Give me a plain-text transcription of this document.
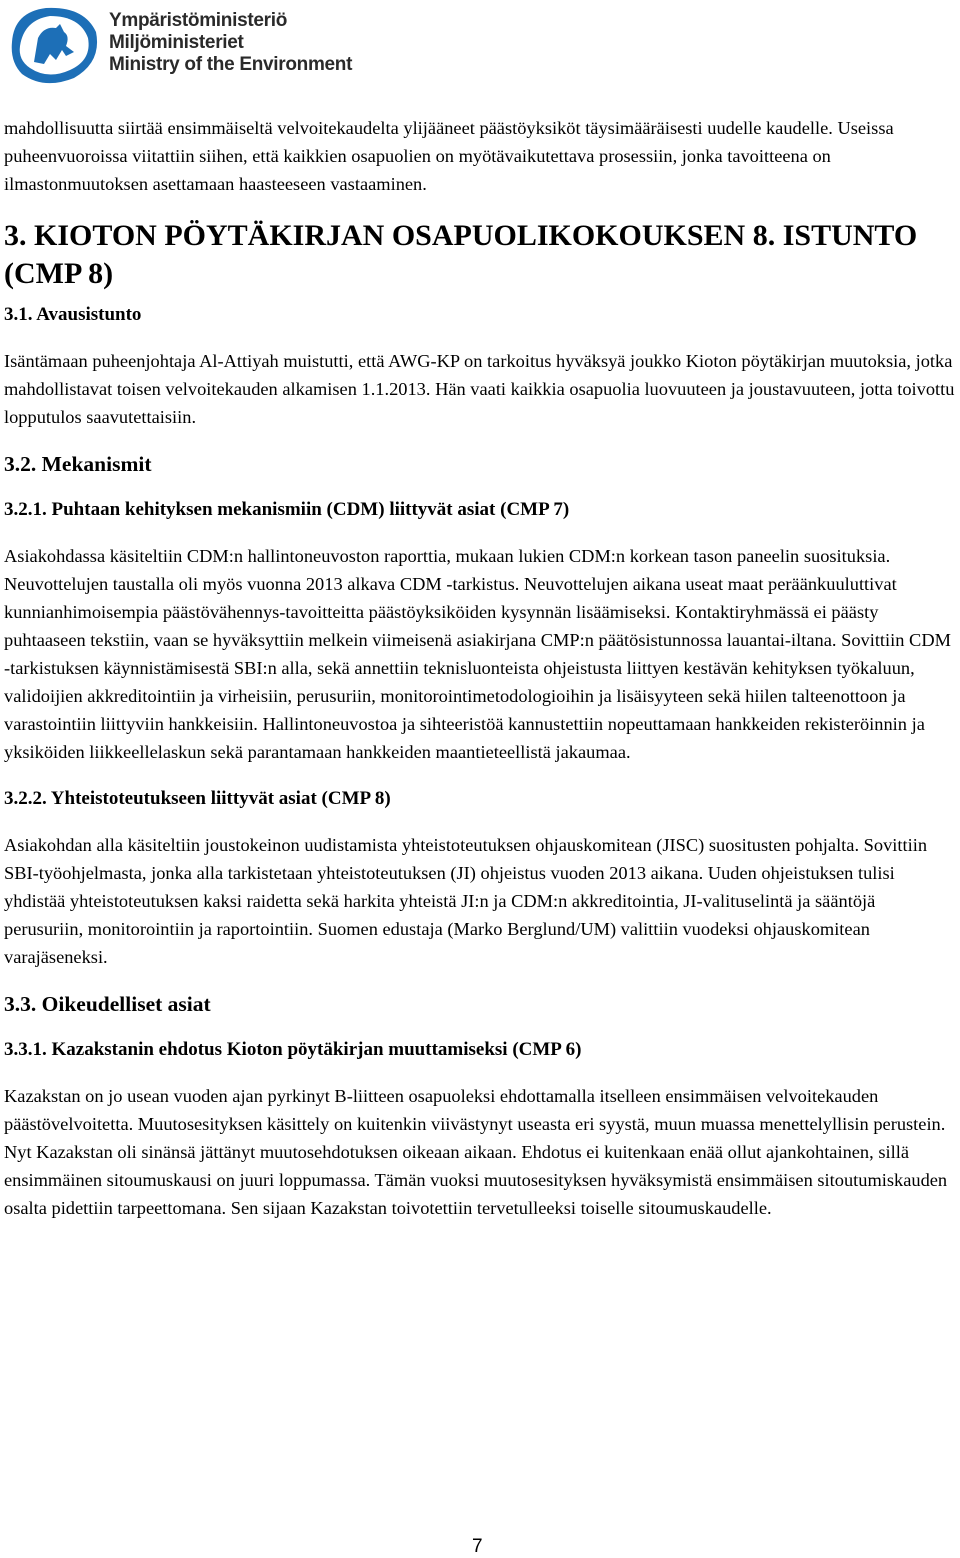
Ympäristöministeriö
Miljöministeriet
Ministry of the Environment

mahdollisuutta siirtää ensimmäiseltä velvoitekaudelta ylijääneet päästöyksiköt täysimääräisesti uudelle kaudelle. Useissa puheenvuoroissa viitattiin siihen, että kaikkien osapuolien on myötävaikutettava prosessiin, jonka tavoitteena on ilmastonmuutoksen asettamaan haasteeseen vastaaminen.

3. KIOTON PÖYTÄKIRJAN OSAPUOLIKOKOUKSEN 8. ISTUNTO (CMP 8)
3.1. Avausistunto

Isäntämaan puheenjohtaja Al-Attiyah muistutti, että AWG-KP on tarkoitus hyväksyä joukko Kioton pöytäkirjan muutoksia, jotka mahdollistavat toisen velvoitekauden alkamisen 1.1.2013. Hän vaati kaikkia osapuolia luovuuteen ja joustavuuteen, jotta toivottu lopputulos saavutettaisiin.

3.2. Mekanismit
3.2.1. Puhtaan kehityksen mekanismiin (CDM) liittyvät asiat (CMP 7)

Asiakohdassa käsiteltiin CDM:n hallintoneuvoston raporttia, mukaan lukien CDM:n korkean tason paneelin suosituksia. Neuvottelujen taustalla oli myös vuonna 2013 alkava CDM -tarkistus. Neuvottelujen aikana useat maat peräänkuuluttivat kunnianhimoisempia päästövähennys-tavoitteitta päästöyksiköiden kysynnän lisäämiseksi. Kontaktiryhmässä ei päästy puhtaaseen tekstiin, vaan se hyväksyttiin melkein viimeisenä asiakirjana CMP:n päätösistunnossa lauantai-iltana. Sovittiin CDM -tarkistuksen käynnistämisestä SBI:n alla, sekä annettiin teknisluonteista ohjeistusta liittyen kestävän kehityksen työkaluun, validoijien akkreditointiin ja virheisiin, perusuriin, monitorointimetodologioihin ja lisäisyyteen sekä hiilen talteenottoon ja varastointiin liittyviin hankkeisiin. Hallintoneuvostoa ja sihteeristöä kannustettiin nopeuttamaan hankkeiden rekisteröinnin ja yksiköiden liikkeellelaskun sekä parantamaan hankkeiden maantieteellistä jakaumaa.

3.2.2. Yhteistoteutukseen liittyvät asiat (CMP 8)

Asiakohdan alla käsiteltiin joustokeinon uudistamista yhteistoteutuksen ohjauskomitean (JISC) suositusten pohjalta. Sovittiin SBI-työohjelmasta, jonka alla tarkistetaan yhteistoteutuksen (JI) ohjeistus vuoden 2013 aikana. Uuden ohjeistuksen tulisi yhdistää yhteistoteutuksen kaksi raidetta sekä harkita yhteistä JI:n ja CDM:n akkreditointia, JI-valituselintä ja sääntöjä perusuriin, monitorointiin ja raportointiin. Suomen edustaja (Marko Berglund/UM) valittiin vuodeksi ohjauskomitean varajäseneksi.

3.3. Oikeudelliset asiat
3.3.1. Kazakstanin ehdotus Kioton pöytäkirjan muuttamiseksi (CMP 6)

Kazakstan on jo usean vuoden ajan pyrkinyt B-liitteen osapuoleksi ehdottamalla itselleen ensimmäisen velvoitekauden päästövelvoitetta. Muutosesityksen käsittely on kuitenkin viivästynyt useasta eri syystä, muun muassa menettelyllisin perustein. Nyt Kazakstan oli sinänsä jättänyt muutosehdotuksen oikeaan aikaan. Ehdotus ei kuitenkaan enää ollut ajankohtainen, sillä ensimmäinen sitoumuskausi on juuri loppumassa. Tämän vuoksi muutosesityksen hyväksymistä ensimmäisen sitoutumiskauden osalta pidettiin tarpeettomana. Sen sijaan Kazakstan toivotettiin tervetulleeksi toiselle sitoumuskaudelle.

7
